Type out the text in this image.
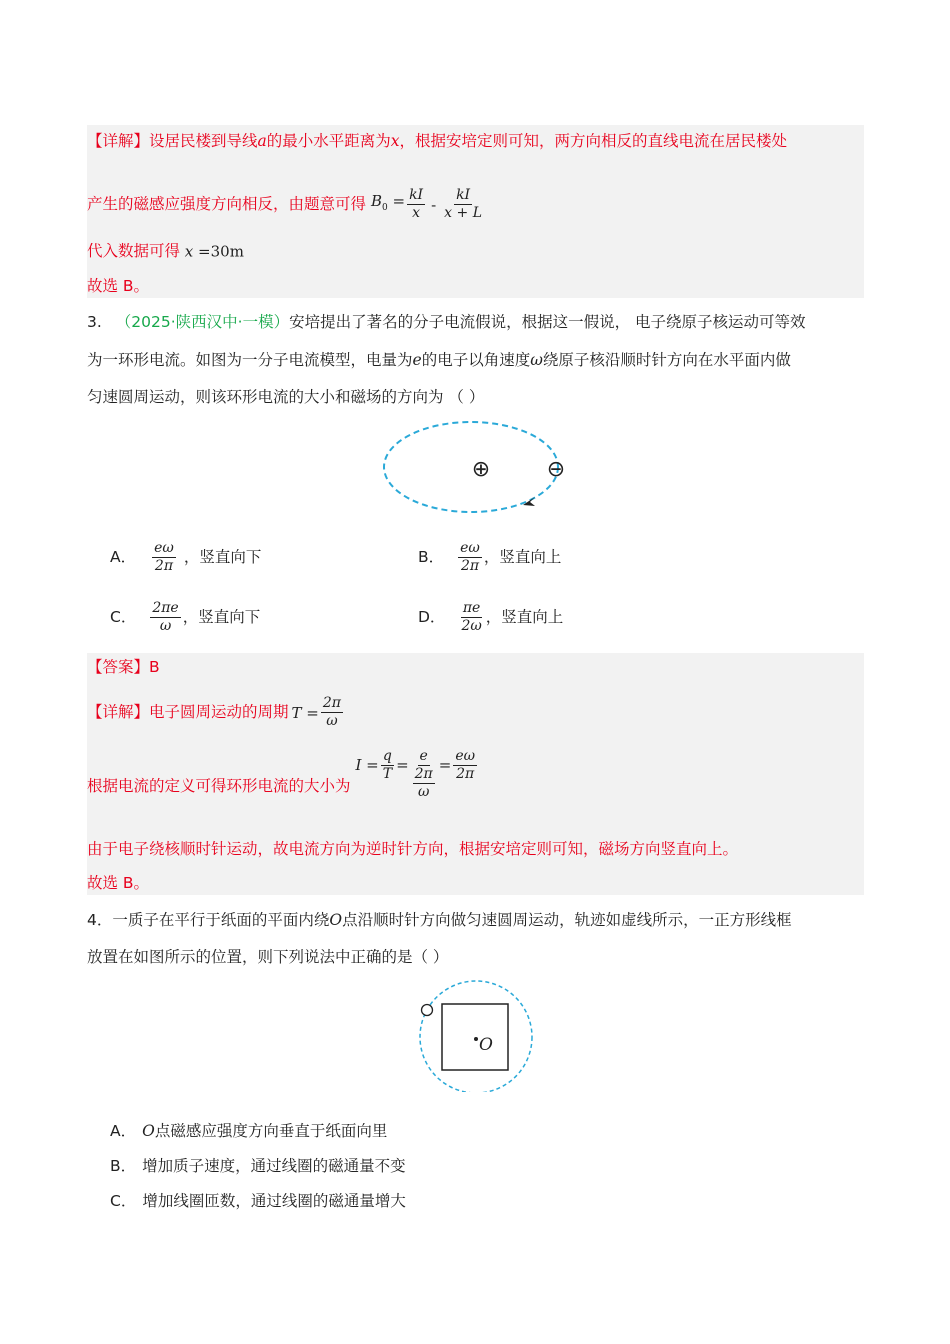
【详解】设居民楼到导线a的最小水平距离为x，根据安培定则可知，两方向相反的直线电流在居民楼处
产生的磁感应强度方向相反，由题意可得 $B_0 = \frac{kI}{x} - \frac{kI}{x + L}$
代入数据可得 x =30m
故选 B。
3. （2025·陕西汉中·一模）安培提出了著名的分子电流假说，根据这一假说， 电子绕原子核运动可等效
为一环形电流。如图为一分子电流模型，电量为e的电子以角速度ω绕原子核沿顺时针方向在水平面内做
匀速圆周运动，则该环形电流的大小和磁场的方向为 （ ）
⊕	⊖
A． $\frac{e\omega}{2\pi}$ ，竖直向下	B． $\frac{e\omega}{2\pi}$ ，竖直向上
C． $\frac{2\pi e}{\omega}$ ，竖直向下	D． $\frac{\pi e}{2\omega}$ ，竖直向上
【答案】B
【详解】电子圆周运动的周期 $T = \frac{2\pi}{\omega}$
根据电流的定义可得环形电流的大小为
$I = \frac{q}{T} = \frac{e}{\frac{2\pi}{\omega}} = \frac{e\omega}{2\pi}$
由于电子绕核顺时针运动，故电流方向为逆时针方向，根据安培定则可知，磁场方向竖直向上。
故选 B。
4．一质子在平行于纸面的平面内绕O点沿顺时针方向做匀速圆周运动，轨迹如虚线所示，一正方形线框
放置在如图所示的位置，则下列说法中正确的是（ ）
O
A． O点磁感应强度方向垂直于纸面向里
B． 增加质子速度，通过线圈的磁通量不变
C． 增加线圈匝数，通过线圈的磁通量增大
